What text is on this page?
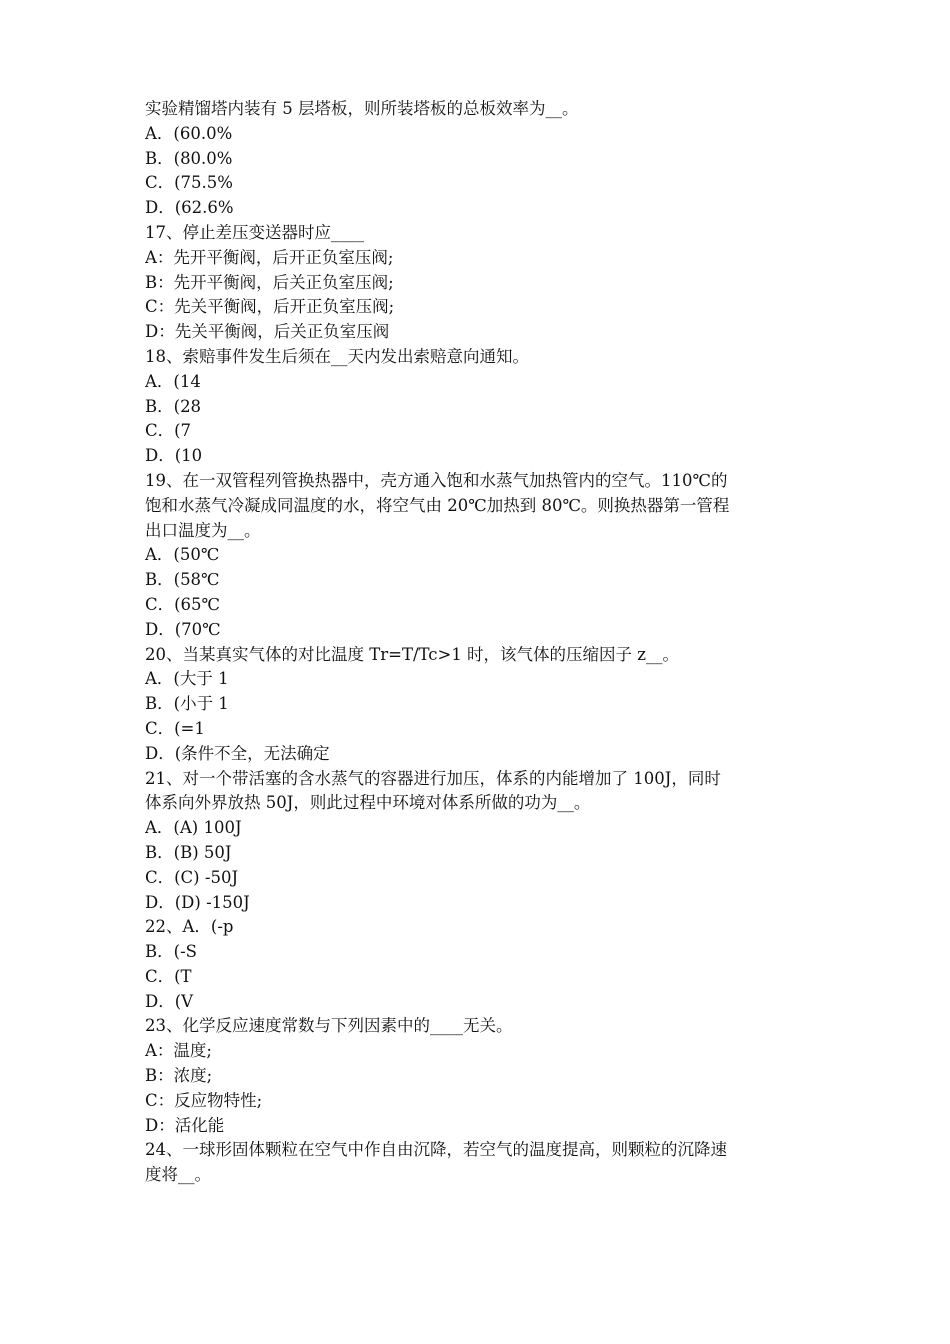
实验精馏塔内装有 5 层塔板，则所装塔板的总板效率为__。
A．(60.0%
B．(80.0%
C．(75.5%
D．(62.6%
17、停止差压变送器时应____
A：先开平衡阀，后开正负室压阀;
B：先开平衡阀，后关正负室压阀;
C：先关平衡阀，后开正负室压阀;
D：先关平衡阀，后关正负室压阀
18、索赔事件发生后须在__天内发出索赔意向通知。
A．(14
B．(28
C．(7
D．(10
19、在一双管程列管换热器中，壳方通入饱和水蒸气加热管内的空气。110℃的
饱和水蒸气冷凝成同温度的水，将空气由 20℃加热到 80℃。则换热器第一管程
出口温度为__。
A．(50℃
B．(58℃
C．(65℃
D．(70℃
20、当某真实气体的对比温度 Tr=T/Tc>1 时，该气体的压缩因子 z__。
A．(大于 1
B．(小于 1
C．(=1
D．(条件不全，无法确定
21、对一个带活塞的含水蒸气的容器进行加压，体系的内能增加了 100J，同时
体系向外界放热 50J，则此过程中环境对体系所做的功为__。
A．(A) 100J
B．(B) 50J
C．(C) -50J
D．(D) -150J
22、A．(-p
B．(-S
C．(T
D．(V
23、化学反应速度常数与下列因素中的____无关。
A：温度;
B：浓度;
C：反应物特性;
D：活化能
24、一球形固体颗粒在空气中作自由沉降，若空气的温度提高，则颗粒的沉降速
度将__。
